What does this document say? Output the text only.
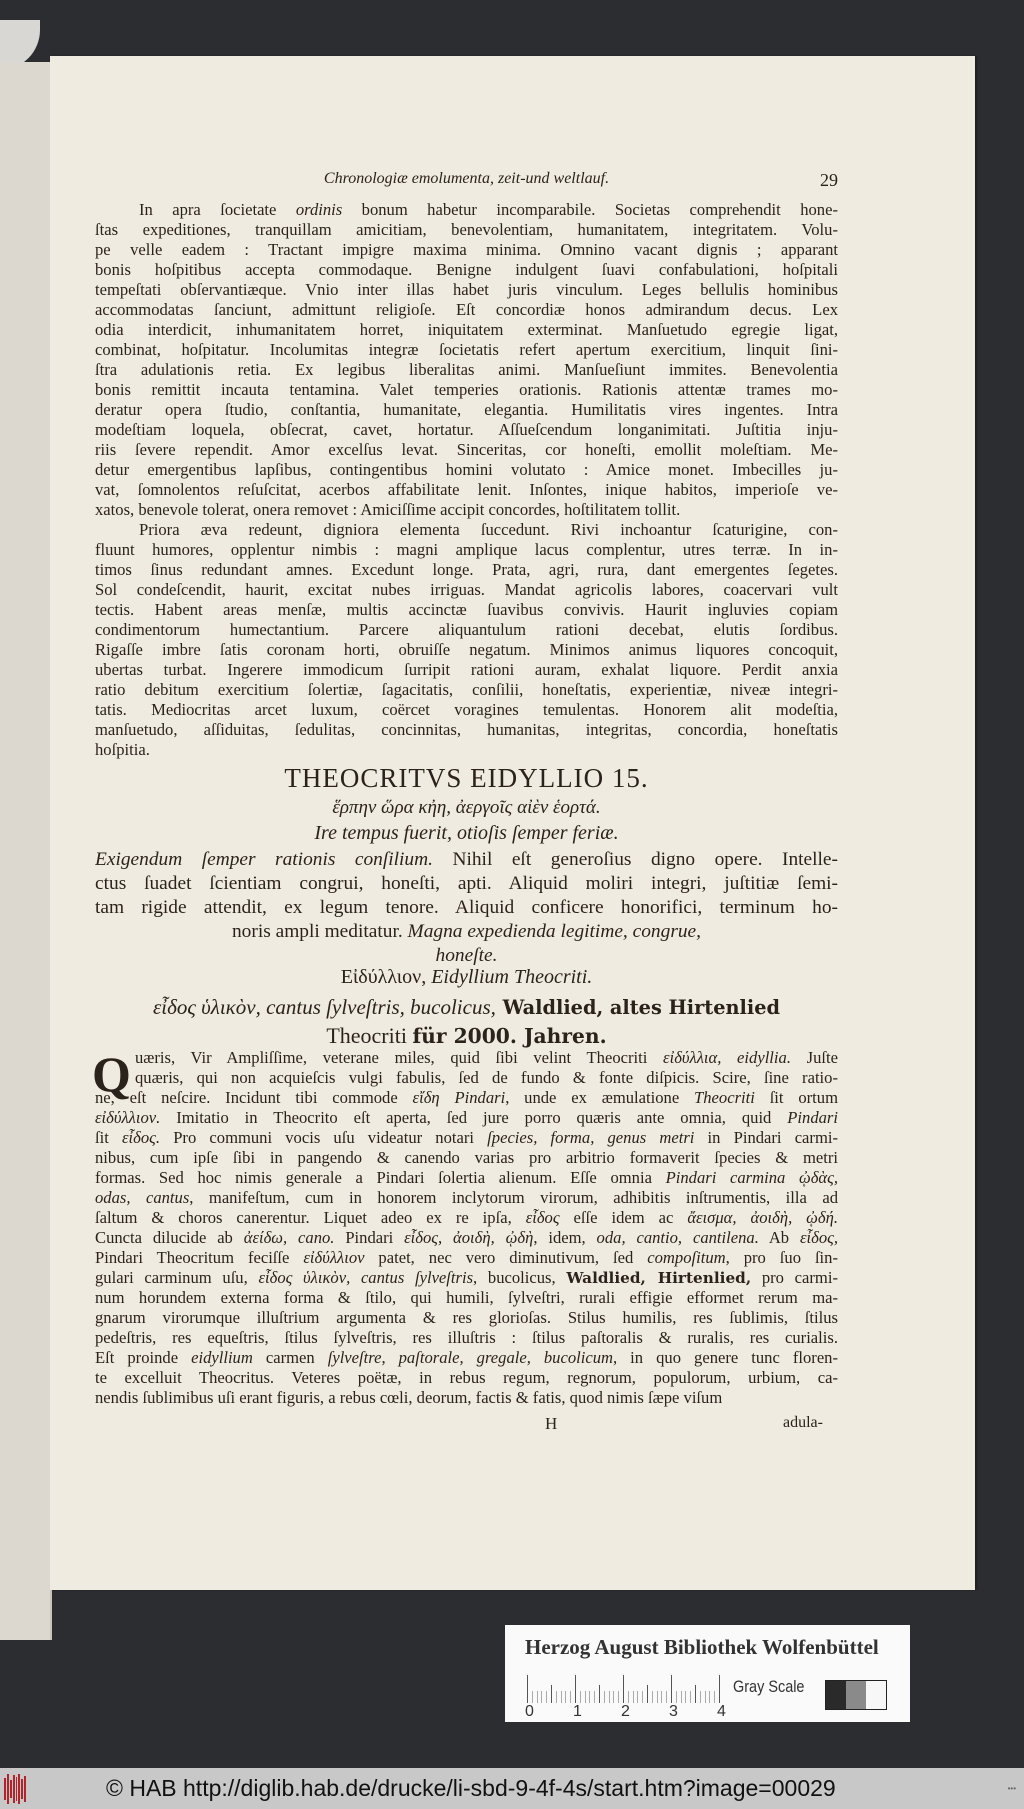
Chronologiæ emolumenta, zeit-und weltlauf.	29
In apra ſocietate ordinis bonum habetur incomparabile. Societas comprehendit hone-
ſtas expeditiones, tranquillam amicitiam, benevolentiam, humanitatem, integritatem. Volu-
pe velle eadem : Tractant impigre maxima minima. Omnino vacant dignis ; apparant
bonis hoſpitibus accepta commodaque. Benigne indulgent ſuavi confabulationi, hoſpitali
tempeſtati obſervantiæque. Vnio inter illas habet juris vinculum. Leges bellulis hominibus
accommodatas ſanciunt, admittunt religioſe. Eſt concordiæ honos admirandum decus. Lex
odia interdicit, inhumanitatem horret, iniquitatem exterminat. Manſuetudo egregie ligat,
combinat, hoſpitatur. Incolumitas integræ ſocietatis refert apertum exercitium, linquit ſini-
ſtra adulationis retia. Ex legibus liberalitas animi. Manſueſiunt immites. Benevolentia
bonis remittit incauta tentamina. Valet temperies orationis. Rationis attentæ trames mo-
deratur opera ſtudio, conſtantia, humanitate, elegantia. Humilitatis vires ingentes. Intra
modeſtiam loquela, obſecrat, cavet, hortatur. Aſſueſcendum longanimitati. Juſtitia inju-
riis ſevere rependit. Amor excelſus levat. Sinceritas, cor honeſti, emollit moleſtiam. Me-
detur emergentibus lapſibus, contingentibus homini volutato : Amice monet. Imbecilles ju-
vat, ſomnolentos reſuſcitat, acerbos affabilitate lenit. Inſontes, inique habitos, imperioſe ve-
xatos, benevole tolerat, onera removet : Amiciſſime accipit concordes, hoſtilitatem tollit.
Priora æva redeunt, digniora elementa ſuccedunt. Rivi inchoantur ſcaturigine, con-
fluunt humores, opplentur nimbis : magni amplique lacus complentur, utres terræ. In in-
timos ſinus redundant amnes. Excedunt longe. Prata, agri, rura, dant emergentes ſegetes.
Sol condeſcendit, haurit, excitat nubes irriguas. Mandat agricolis labores, coacervari vult
tectis. Habent areas menſæ, multis accinctæ ſuavibus convivis. Haurit ingluvies copiam
condimentorum humectantium. Parcere aliquantulum rationi decebat, elutis ſordibus.
Rigaſſe imbre ſatis coronam horti, obruiſſe negatum. Minimos animus liquores concoquit,
ubertas turbat. Ingerere immodicum ſurripit rationi auram, exhalat liquore. Perdit anxia
ratio debitum exercitium ſolertiæ, ſagacitatis, conſilii, honeſtatis, experientiæ, niveæ integri-
tatis. Mediocritas arcet luxum, coërcet voragines temulentas. Honorem alit modeſtia,
manſuetudo, aſſiduitas, ſedulitas, concinnitas, humanitas, integritas, concordia, honeſtatis
hoſpitia.
THEOCRITVS EIDYLLIO 15.
ἕρπην ὥρα κἠη, ἀεργοῖς αἰὲν ἑορτά.
Ire tempus fuerit, otioſis ſemper feriæ.
Exigendum ſemper rationis conſilium. Nihil eſt generoſius digno opere. Intelle-
ctus ſuadet ſcientiam congrui, honeſti, apti. Aliquid moliri integri, juſtitiæ ſemi-
tam rigide attendit, ex legum tenore. Aliquid conficere honorifici, terminum ho-
noris ampli meditatur. Magna expedienda legitime, congrue,
honeſte.
Εἰδύλλιον, Eidyllium Theocriti.
εἶδος ὑλικὸν, cantus ſylveſtris, bucolicus, Waldlied, altes Hirtenlied
Theocriti für 2000. Jahren.
Q uæris, Vir Ampliſſime, veterane miles, quid ſibi velint Theocriti εἰδύλλια, eidyllia. Juſte
quæris, qui non acquieſcis vulgi fabulis, ſed de fundo & fonte diſpicis. Scire, ſine ratio-
ne, eſt neſcire. Incidunt tibi commode εἴδη Pindari, unde ex æmulatione Theocriti ſit ortum
εἰδύλλιον. Imitatio in Theocrito eſt aperta, ſed jure porro quæris ante omnia, quid Pindari
ſit εἶδος. Pro communi vocis uſu videatur notari ſpecies, forma, genus metri in Pindari carmi-
nibus, cum ipſe ſibi in pangendo & canendo varias pro arbitrio formaverit ſpecies & metri
formas. Sed hoc nimis generale a Pindari ſolertia alienum. Eſſe omnia Pindari carmina ᾠδὰς,
odas, cantus, manifeſtum, cum in honorem inclytorum virorum, adhibitis inſtrumentis, illa ad
ſaltum & choros canerentur. Liquet adeo ex re ipſa, εἶδος eſſe idem ac ἄεισμα, ἀοιδὴ, ᾠδή.
Cuncta dilucide ab ἀείδω, cano. Pindari εἶδος, ἀοιδὴ, ᾠδὴ, idem, oda, cantio, cantilena. Ab εἶδος,
Pindari Theocritum feciſſe εἰδύλλιον patet, nec vero diminutivum, ſed compoſitum, pro ſuo ſin-
gulari carminum uſu, εἶδος ὑλικὸν, cantus ſylveſtris, bucolicus, Waldlied, Hirtenlied, pro carmi-
num horundem externa forma & ſtilo, qui humili, ſylveſtri, rurali effigie efformet rerum ma-
gnarum virorumque illuſtrium argumenta & res glorioſas. Stilus humilis, res ſublimis, ſtilus
pedeſtris, res equeſtris, ſtilus ſylveſtris, res illuſtris : ſtilus paſtoralis & ruralis, res curialis.
Eſt proinde eidyllium carmen ſylveſtre, paſtorale, gregale, bucolicum, in quo genere tunc floren-
te excelluit Theocritus. Veteres poëtæ, in rebus regum, regnorum, populorum, urbium, ca-
nendis ſublimibus uſi erant figuris, a rebus cœli, deorum, factis & fatis, quod nimis ſæpe viſum
H	adula-
Herzog August Bibliothek Wolfenbüttel
0 1 2 3 4
Gray Scale
© HAB http://diglib.hab.de/drucke/li-sbd-9-4f-4s/start.htm?image=00029	•••
